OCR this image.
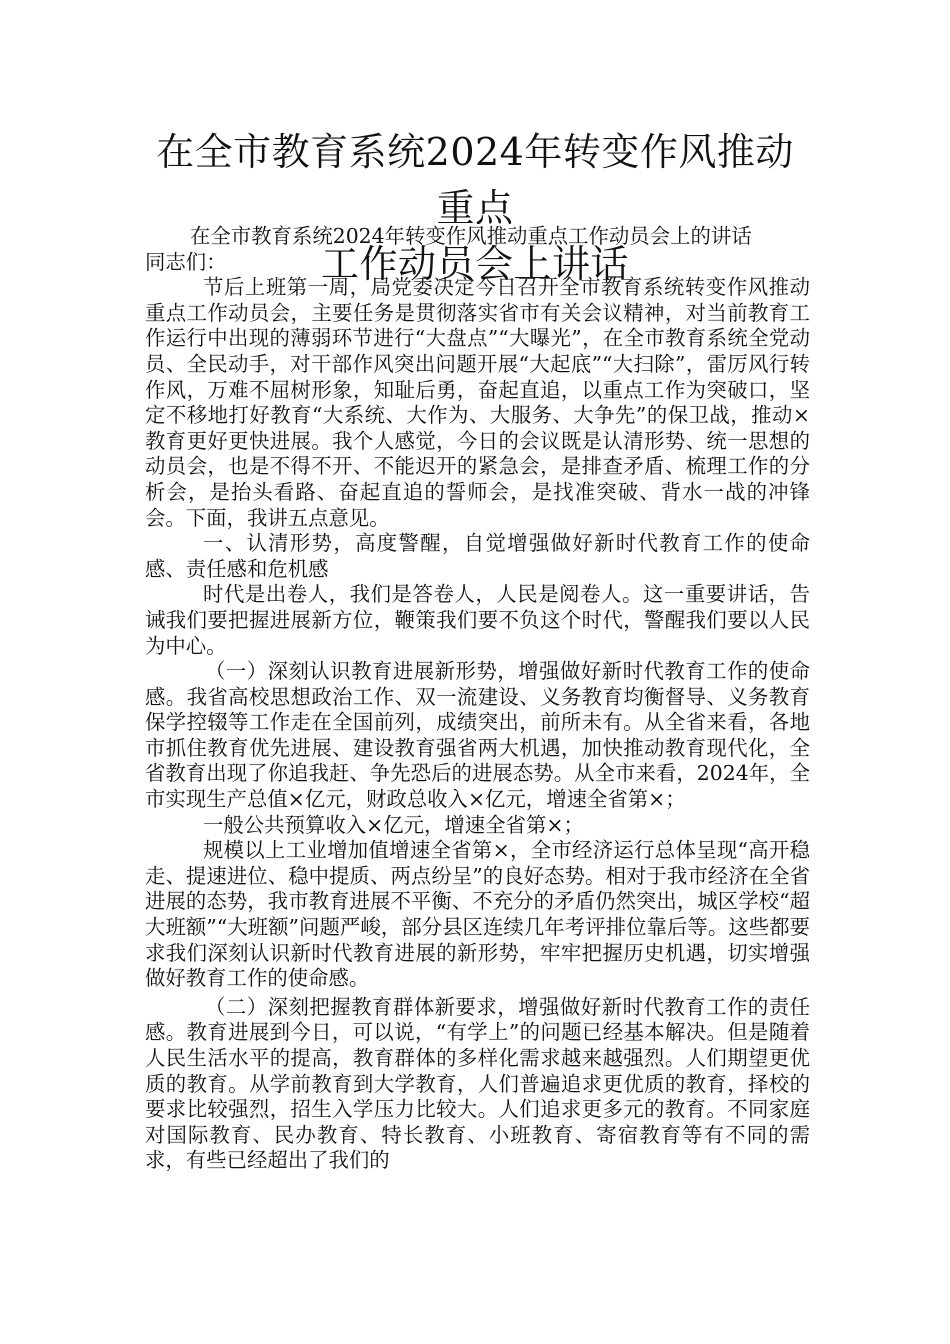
在全市教育系统2024年转变作风推动重点
工作动员会上讲话

在全市教育系统2024年转变作风推动重点工作动员会上的讲话

同志们：

节后上班第一周，局党委决定今日召开全市教育系统转变作风推动重点工作动员会，主要任务是贯彻落实省市有关会议精神，对当前教育工作运行中出现的薄弱环节进行“大盘点”“大曝光”，在全市教育系统全党动员、全民动手，对干部作风突出问题开展“大起底”“大扫除”，雷厉风行转作风，万难不屈树形象，知耻后勇，奋起直追，以重点工作为突破口，坚定不移地打好教育“大系统、大作为、大服务、大争先”的保卫战，推动×教育更好更快进展。我个人感觉，今日的会议既是认清形势、统一思想的动员会，也是不得不开、不能迟开的紧急会，是排查矛盾、梳理工作的分析会，是抬头看路、奋起直追的誓师会，是找准突破、背水一战的冲锋会。下面，我讲五点意见。

一、认清形势，高度警醒，自觉增强做好新时代教育工作的使命感、责任感和危机感

时代是出卷人，我们是答卷人，人民是阅卷人。这一重要讲话，告诫我们要把握进展新方位，鞭策我们要不负这个时代，警醒我们要以人民为中心。

（一）深刻认识教育进展新形势，增强做好新时代教育工作的使命感。我省高校思想政治工作、双一流建设、义务教育均衡督导、义务教育保学控辍等工作走在全国前列，成绩突出，前所未有。从全省来看，各地市抓住教育优先进展、建设教育强省两大机遇，加快推动教育现代化，全省教育出现了你追我赶、争先恐后的进展态势。从全市来看，2024年，全市实现生产总值×亿元，财政总收入×亿元，增速全省第×；

一般公共预算收入×亿元，增速全省第×；

规模以上工业增加值增速全省第×，全市经济运行总体呈现“高开稳走、提速进位、稳中提质、两点纷呈”的良好态势。相对于我市经济在全省进展的态势，我市教育进展不平衡、不充分的矛盾仍然突出，城区学校“超大班额”“大班额”问题严峻，部分县区连续几年考评排位靠后等。这些都要求我们深刻认识新时代教育进展的新形势，牢牢把握历史机遇，切实增强做好教育工作的使命感。

（二）深刻把握教育群体新要求，增强做好新时代教育工作的责任感。教育进展到今日，可以说，“有学上”的问题已经基本解决。但是随着人民生活水平的提高，教育群体的多样化需求越来越强烈。人们期望更优质的教育。从学前教育到大学教育，人们普遍追求更优质的教育，择校的要求比较强烈，招生入学压力比较大。人们追求更多元的教育。不同家庭对国际教育、民办教育、特长教育、小班教育、寄宿教育等有不同的需求，有些已经超出了我们的
